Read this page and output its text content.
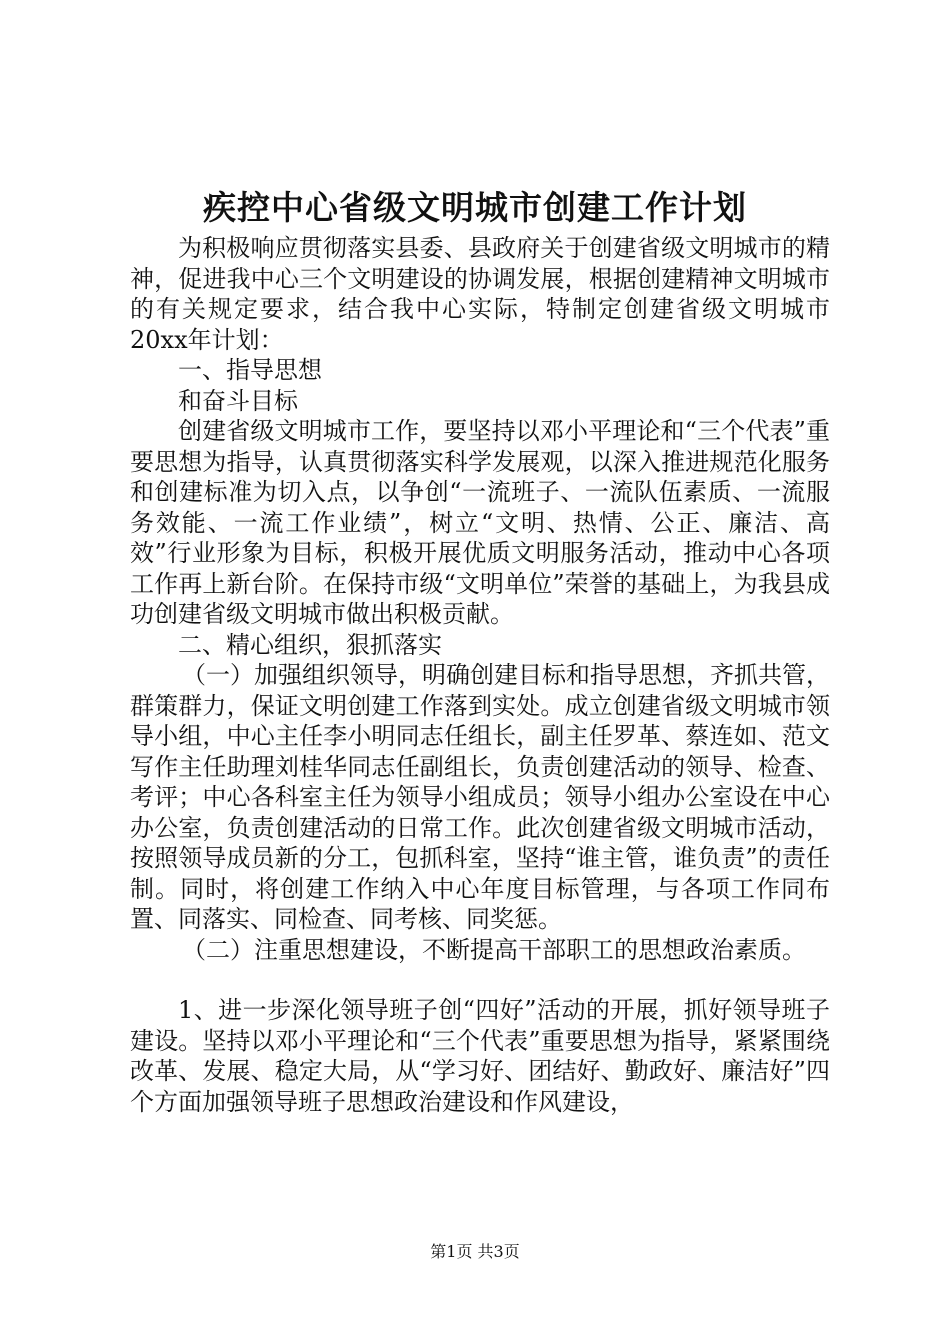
疾控中心省级文明城市创建工作计划

为积极响应贯彻落实县委、县政府关于创建省级文明城市的精神，促进我中心三个文明建设的协调发展，根据创建精神文明城市的有关规定要求，结合我中心实际，特制定创建省级文明城市20xx年计划：

一、指导思想

和奋斗目标

创建省级文明城市工作，要坚持以邓小平理论和“三个代表”重要思想为指导，认真贯彻落实科学发展观，以深入推进规范化服务和创建标准为切入点，以争创“一流班子、一流队伍素质、一流服务效能、一流工作业绩”，树立“文明、热情、公正、廉洁、高效”行业形象为目标，积极开展优质文明服务活动，推动中心各项工作再上新台阶。在保持市级“文明单位”荣誉的基础上，为我县成功创建省级文明城市做出积极贡献。

二、精心组织，狠抓落实

（一）加强组织领导，明确创建目标和指导思想，齐抓共管，群策群力，保证文明创建工作落到实处。成立创建省级文明城市领导小组，中心主任李小明同志任组长，副主任罗革、蔡连如、范文写作主任助理刘桂华同志任副组长，负责创建活动的领导、检查、考评；中心各科室主任为领导小组成员；领导小组办公室设在中心办公室，负责创建活动的日常工作。此次创建省级文明城市活动，按照领导成员新的分工，包抓科室，坚持“谁主管，谁负责”的责任制。同时，将创建工作纳入中心年度目标管理，与各项工作同布置、同落实、同检查、同考核、同奖惩。

（二）注重思想建设，不断提高干部职工的思想政治素质。

1、进一步深化领导班子创“四好”活动的开展，抓好领导班子建设。坚持以邓小平理论和“三个代表”重要思想为指导，紧紧围绕改革、发展、稳定大局，从“学习好、团结好、勤政好、廉洁好”四个方面加强领导班子思想政治建设和作风建设，

第1页 共3页
